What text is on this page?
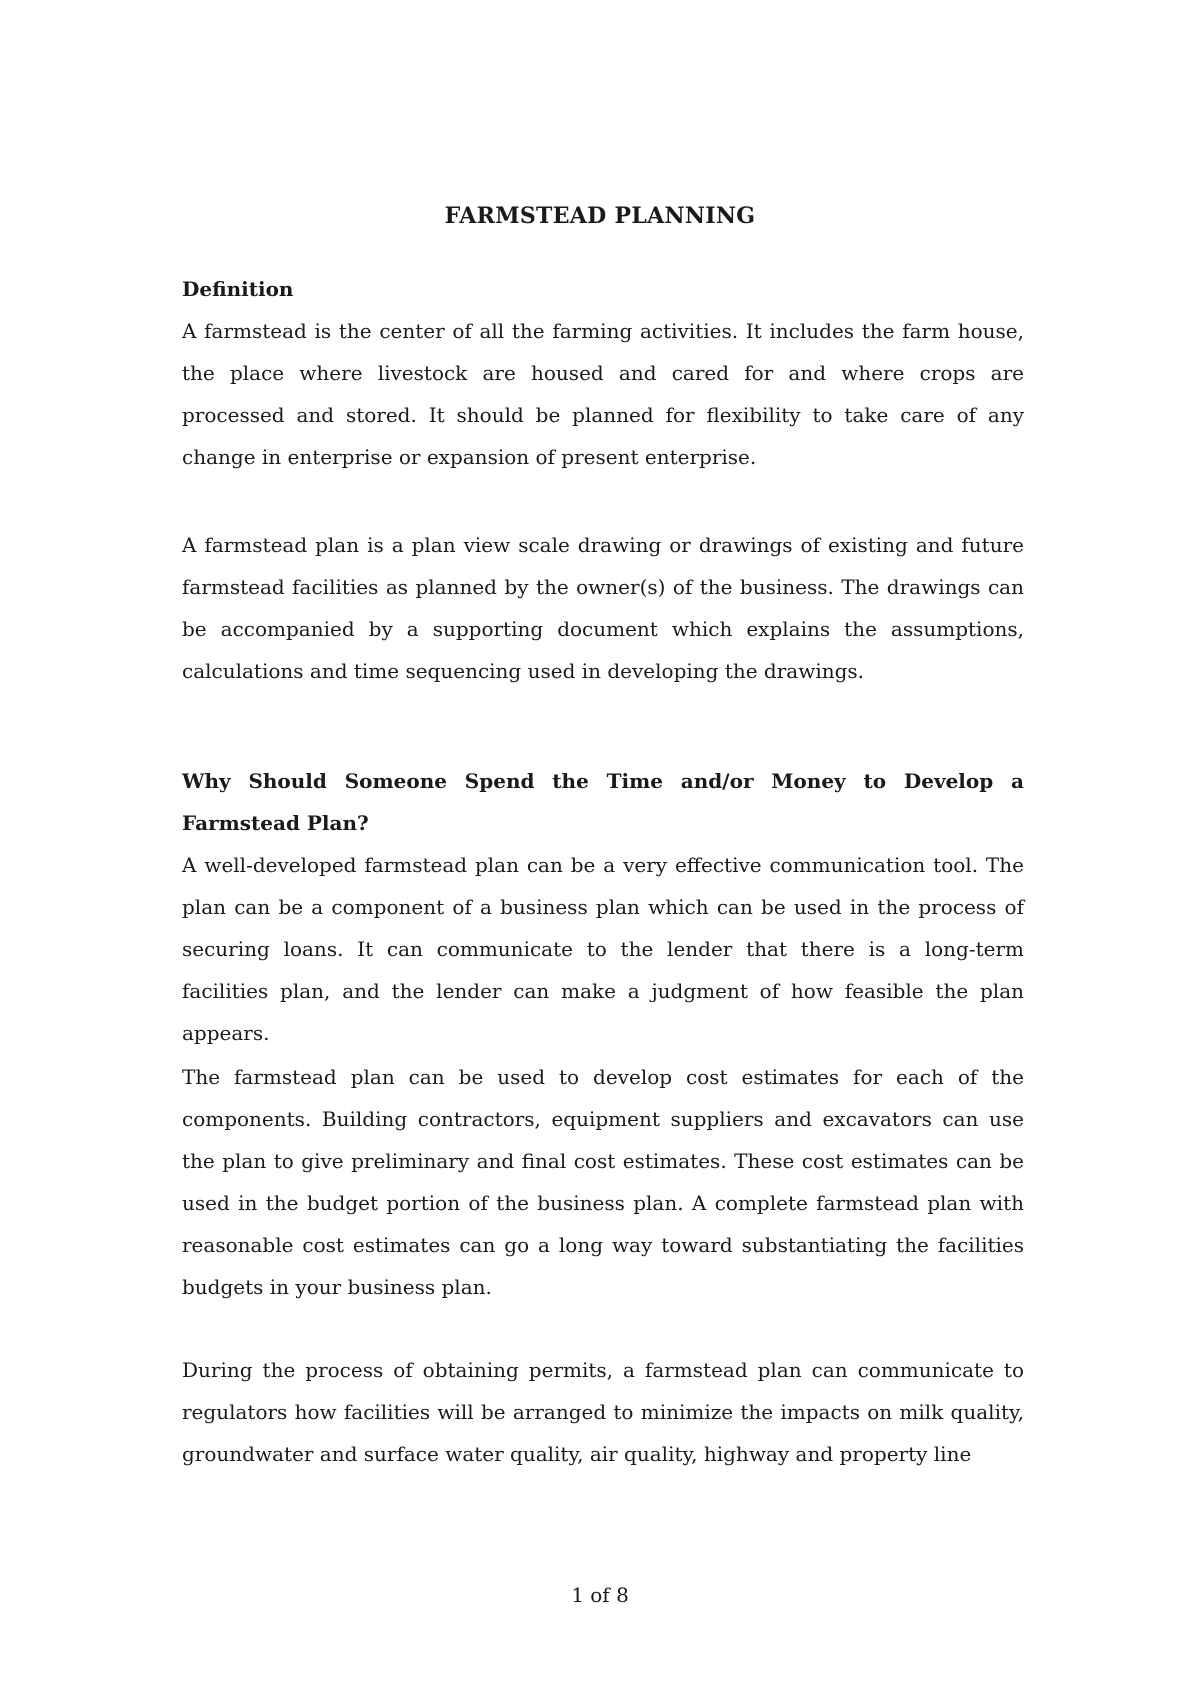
FARMSTEAD PLANNING
Definition

A farmstead is the center of all the farming activities. It includes the farm house, the place where livestock are housed and cared for and where crops are processed and stored. It should be planned for flexibility to take care of any change in enterprise or expansion of present enterprise.

A farmstead plan is a plan view scale drawing or drawings of existing and future farmstead facilities as planned by the owner(s) of the business. The drawings can be accompanied by a supporting document which explains the assumptions, calculations and time sequencing used in developing the drawings.

Why Should Someone Spend the Time and/or Money to Develop a Farmstead Plan?

A well-developed farmstead plan can be a very effective communication tool. The plan can be a component of a business plan which can be used in the process of securing loans. It can communicate to the lender that there is a long-term facilities plan, and the lender can make a judgment of how feasible the plan appears.

The farmstead plan can be used to develop cost estimates for each of the components. Building contractors, equipment suppliers and excavators can use the plan to give preliminary and final cost estimates. These cost estimates can be used in the budget portion of the business plan. A complete farmstead plan with reasonable cost estimates can go a long way toward substantiating the facilities budgets in your business plan.

During the process of obtaining permits, a farmstead plan can communicate to regulators how facilities will be arranged to minimize the impacts on milk quality, groundwater and surface water quality, air quality, highway and property line

1 of 8
